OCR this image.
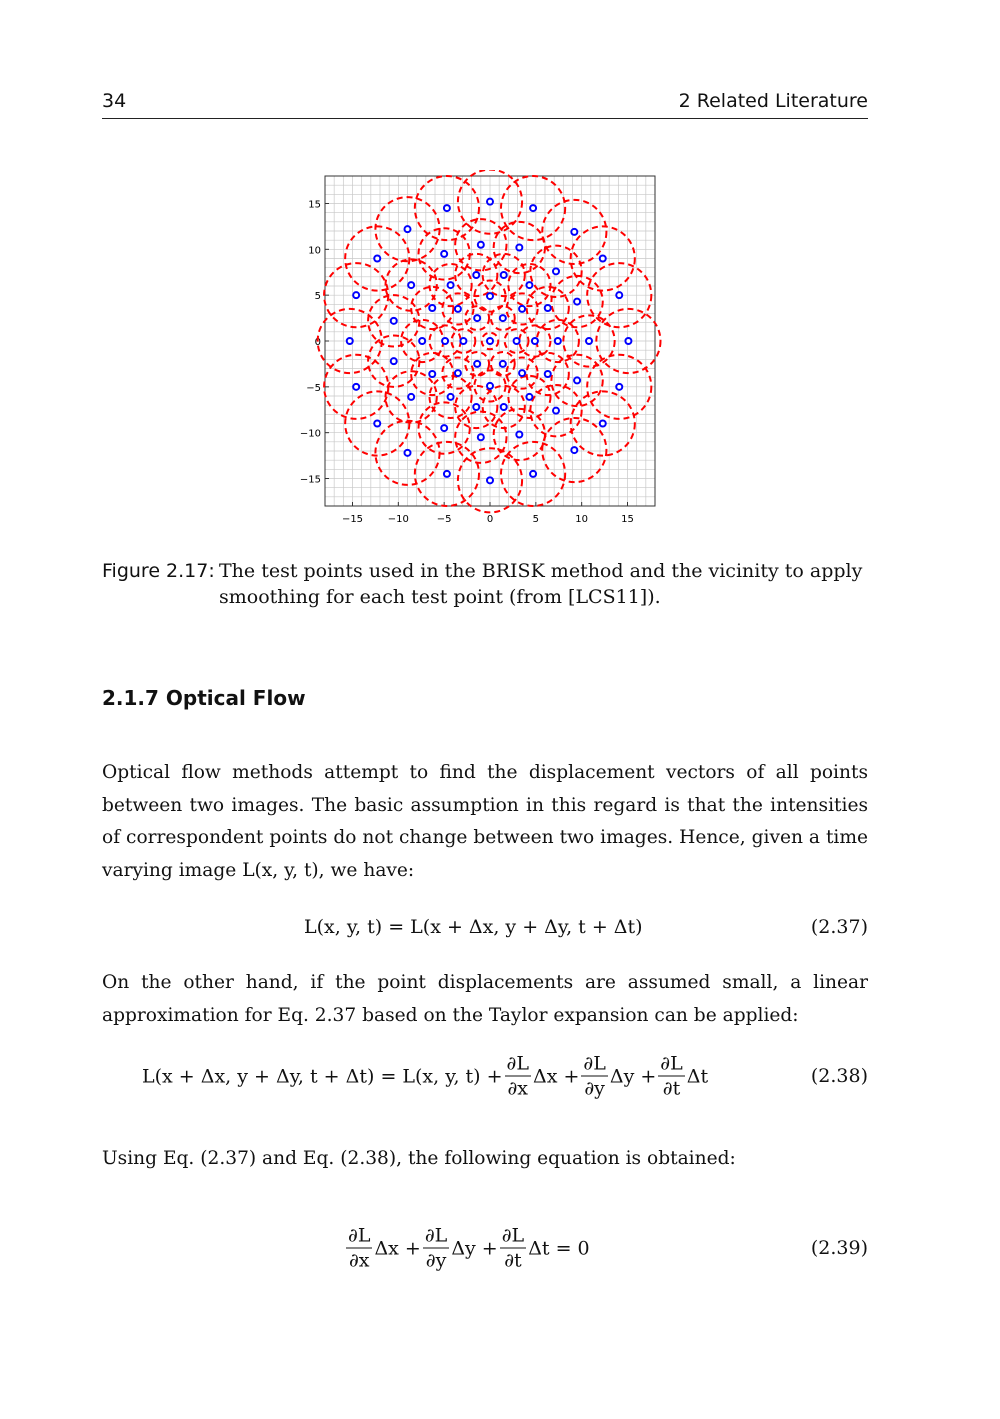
34	2 Related Literature
−15 −10	−5	0	5	10	15
15
10
5
0
−5
−10
−15
Figure 2.17: The test points used in the BRISK method and the vicinity to apply smoothing for each test point (from [LCS11]).
2.1.7 Optical Flow
Optical flow methods attempt to find the displacement vectors of all points between two images. The basic assumption in this regard is that the intensities of correspondent points do not change between two images. Hence, given a time varying image L(x, y, t), we have:
L(x, y, t) = L(x + Δx, y + Δy, t + Δt)	(2.37)
On the other hand, if the point displacements are assumed small, a linear approximation for Eq. 2.37 based on the Taylor expansion can be applied:
L(x + Δx, y + Δy, t + Δt) = L(x, y, $t) + \frac{\partial L}{\partial x}$ $\Delta x + \frac{\partial L}{\partial y}$ $\Delta y + \frac{\partial L}{\partial t}$ Δt	(2.38)
Using Eq. (2.37) and Eq. (2.38), the following equation is obtained:
$\frac{\partial L}{\partial x}$ $\Delta x + \frac{\partial L}{\partial y}$ $\Delta y + \frac{\partial L}{\partial t}$ Δt = 0	(2.39)
